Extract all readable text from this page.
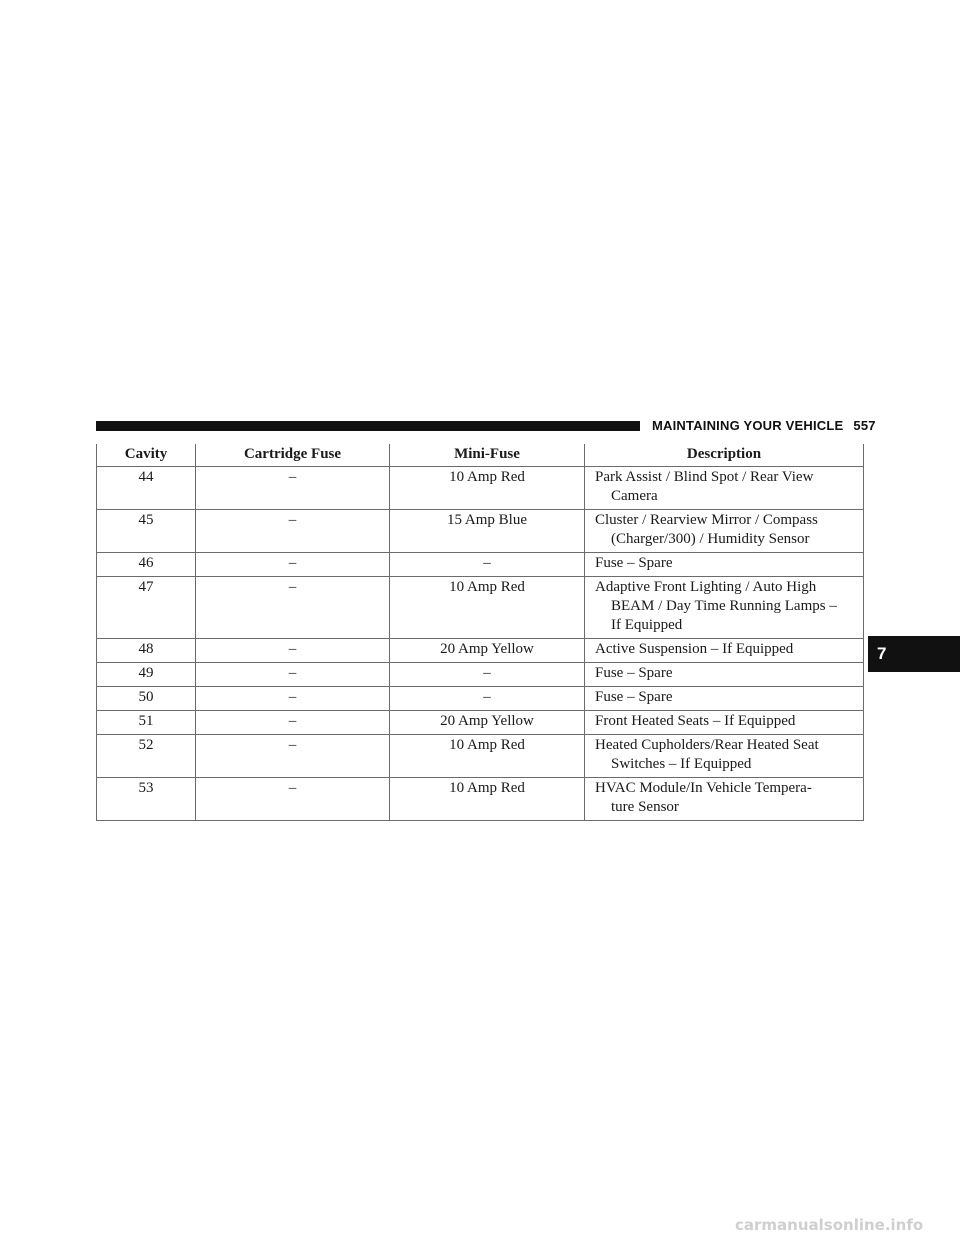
MAINTAINING YOUR VEHICLE 557
7
Cavity	Cartridge Fuse	Mini-Fuse	Description
44	–	10 Amp Red	Park Assist / Blind Spot / Rear View
Camera

45	–	15 Amp Blue	Cluster / Rearview Mirror / Compass
(Charger/300) / Humidity Sensor

46	–	–	Fuse – Spare
47	–	10 Amp Red	Adaptive Front Lighting / Auto High
BEAM / Day Time Running Lamps –
If Equipped

48	–	20 Amp Yellow	Active Suspension – If Equipped
49	–	–	Fuse – Spare
50	–	–	Fuse – Spare
51	–	20 Amp Yellow	Front Heated Seats – If Equipped
52	–	10 Amp Red	Heated Cupholders/Rear Heated Seat
Switches – If Equipped

53	–	10 Amp Red	HVAC Module/In Vehicle Tempera-
ture Sensor
carmanualsonline.info
